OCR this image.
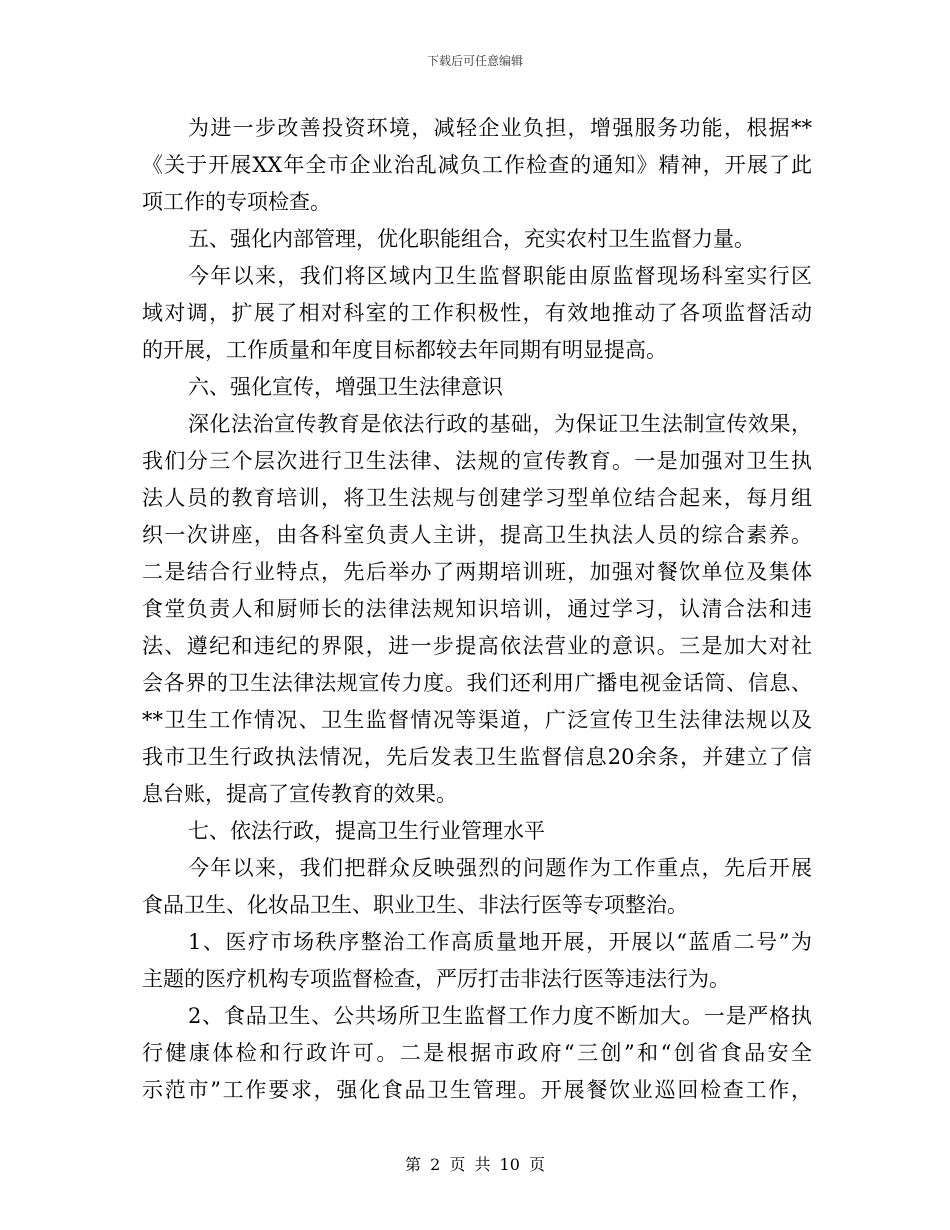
下载后可任意编辑
为进一步改善投资环境，减轻企业负担，增强服务功能，根据**
《关于开展XX年全市企业治乱减负工作检查的通知》精神，开展了此
项工作的专项检查。
五、强化内部管理，优化职能组合，充实农村卫生监督力量。
今年以来，我们将区域内卫生监督职能由原监督现场科室实行区
域对调，扩展了相对科室的工作积极性，有效地推动了各项监督活动
的开展，工作质量和年度目标都较去年同期有明显提高。
六、强化宣传，增强卫生法律意识
深化法治宣传教育是依法行政的基础，为保证卫生法制宣传效果，
我们分三个层次进行卫生法律、法规的宣传教育。一是加强对卫生执
法人员的教育培训，将卫生法规与创建学习型单位结合起来，每月组
织一次讲座，由各科室负责人主讲，提高卫生执法人员的综合素养。
二是结合行业特点，先后举办了两期培训班，加强对餐饮单位及集体
食堂负责人和厨师长的法律法规知识培训，通过学习，认清合法和违
法、遵纪和违纪的界限，进一步提高依法营业的意识。三是加大对社
会各界的卫生法律法规宣传力度。我们还利用广播电视金话筒、信息、
**卫生工作情况、卫生监督情况等渠道，广泛宣传卫生法律法规以及
我市卫生行政执法情况，先后发表卫生监督信息20余条，并建立了信
息台账，提高了宣传教育的效果。
七、依法行政，提高卫生行业管理水平
今年以来，我们把群众反映强烈的问题作为工作重点，先后开展
食品卫生、化妆品卫生、职业卫生、非法行医等专项整治。
1、医疗市场秩序整治工作高质量地开展，开展以“蓝盾二号”为
主题的医疗机构专项监督检查，严厉打击非法行医等违法行为。
2、食品卫生、公共场所卫生监督工作力度不断加大。一是严格执
行健康体检和行政许可。二是根据市政府“三创”和“创省食品安全
示范市”工作要求，强化食品卫生管理。开展餐饮业巡回检查工作，
第 2 页 共 10 页
